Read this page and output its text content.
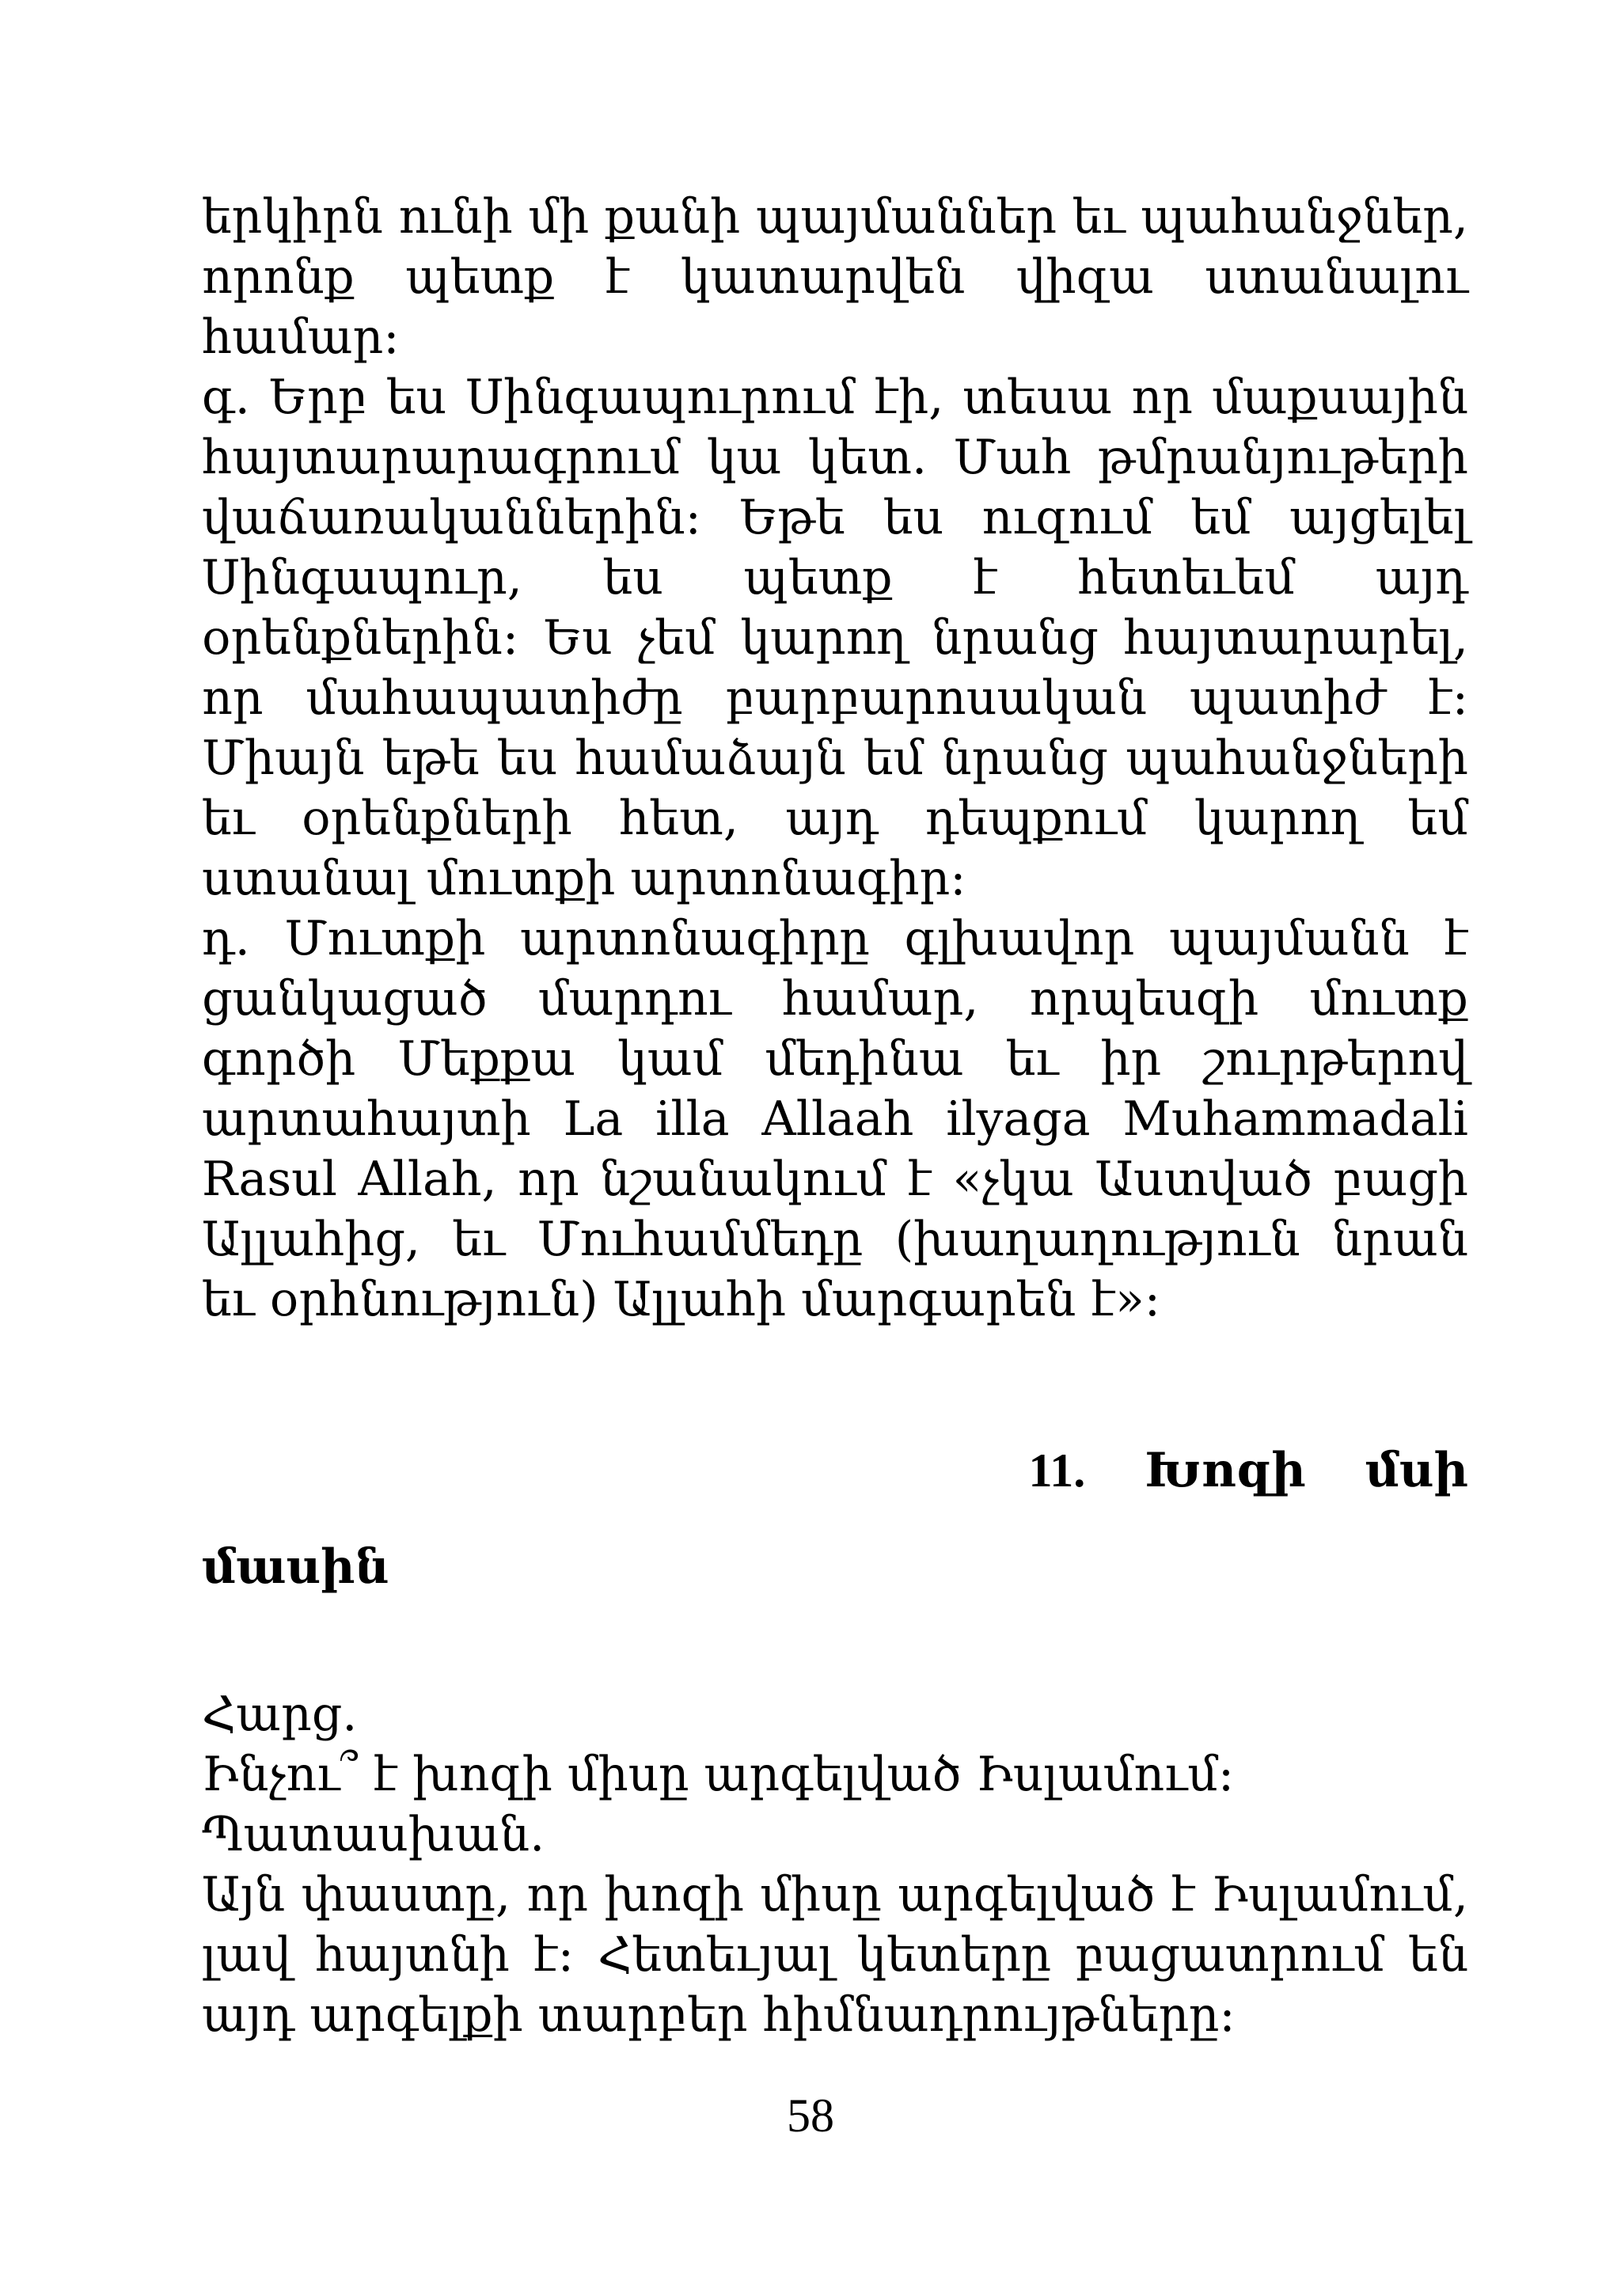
երկիրն ունի մի քանի պայմաններ եւ պահանջներ, որոնք պետք է կատարվեն վիզա ստանալու համար:

գ. Երբ ես Սինգապուրում էի, տեսա որ մաքսային հայտարարագրում կա կետ. Մահ թմրանյութերի վաճառականներին: Եթե ես ուզում եմ այցելել Սինգապուր, ես պետք է հետեւեմ այդ օրենքներին: Ես չեմ կարող նրանց հայտարարել, որ մահապատիժը բարբարոսական պատիժ է: Միայն եթե ես համաձայն եմ նրանց պահանջների եւ օրենքների հետ, այդ դեպքում կարող եմ ստանալ մուտքի արտոնագիր:

դ. Մուտքի արտոնագիրը գլխավոր պայմանն է ցանկացած մարդու համար, որպեսզի մուտք գործի Մեքքա կամ մեդինա եւ իր շուրթերով արտահայտի La illa Allaah ilyaga Muhammadali Rasul Allah, որ նշանակում է «չկա Աստված բացի Ալլահից, եւ Մուհամմեդը (խաղաղություն նրան եւ օրհնություն) Ալլահի մարգարեն է»:

11. Խոզի մսի

մասին

Հարց.

Ինչու՞ է խոզի միսը արգելված Իսլամում:

Պատասխան.

Այն փաստը, որ խոզի միսը արգելված է Իսլամում, լավ հայտնի է: Հետեւյալ կետերը բացատրում են այդ արգելքի տարբեր հիմնադրույթները:

58
